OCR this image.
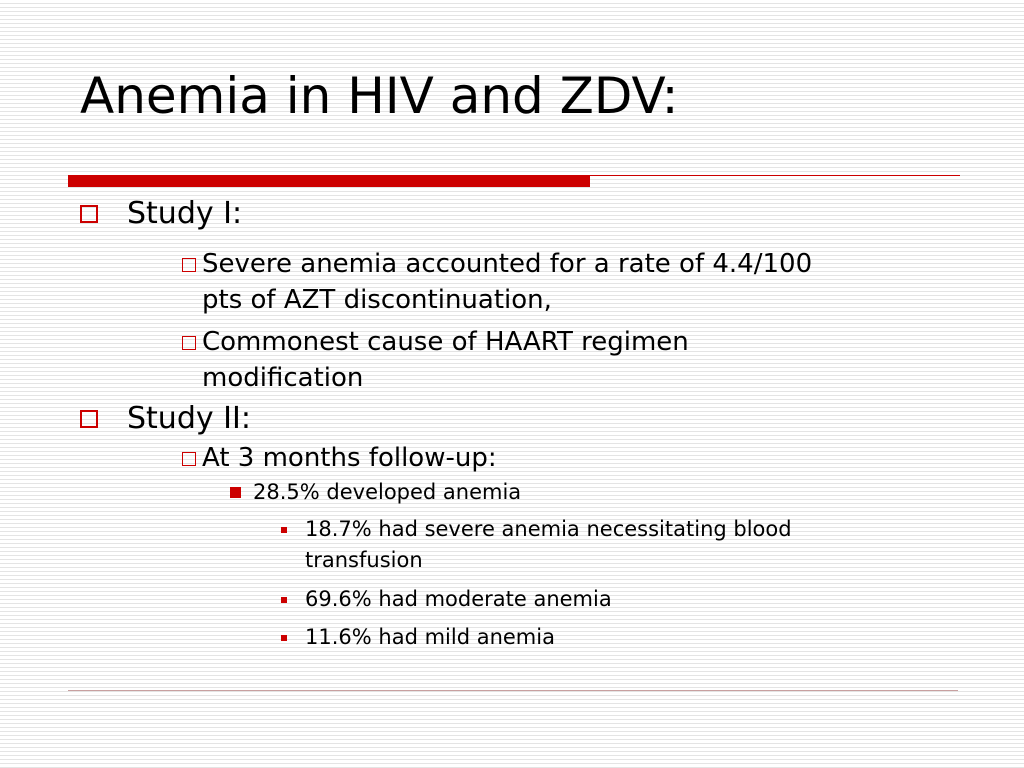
Anemia in HIV and ZDV:
Study I:
Severe anemia accounted for a rate of 4.4/100
pts of AZT discontinuation,
Commonest cause of HAART regimen
modification
Study II:
At 3 months follow-up:
28.5% developed anemia
18.7% had severe anemia necessitating blood
transfusion
69.6% had moderate anemia
11.6% had mild anemia
